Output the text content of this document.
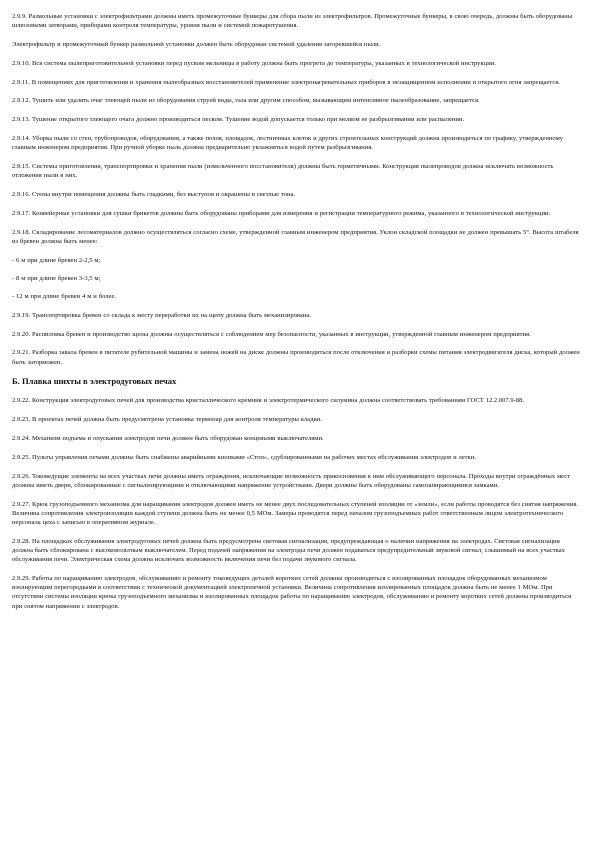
2.9.9. Размольные установки с электрофильтрами должны иметь промежуточные бункеры для сбора пыли из электрофильтров. Промежуточные бункеры, в свою очередь, должны быть оборудованы шлюзовыми затворами, приборами контроля температуры, уровня пыли и системой пожаротушения.

Электрофильтр и промежуточный бункер размольной установки должен быть оборудован системой удаления загоревшейся пыли.

2.9.10. Вся система пылеприготовительной установки перед пуском мельницы в работу должна быть прогрета до температуры, указанных в технологической инструкции.

2.9.11. В помещениях для приготовления и хранения пылеобразных восстановителей применение электронагревательных приборов в незащищенном исполнении и открытого огня запрещается.

2.9.12. Тушить или удалять очаг тлеющей пыли из оборудования струей воды, газа или другим способом, вызывающим интенсивное пылеобразование, запрещается.

2.9.13. Тушение открытого тлеющего очага должно производиться песком. Тушение водой допускается только при мелком ее разбрызгивании или распылении.

2.9.14. Уборка пыли со стен, трубопроводов, оборудования, а также полов, площадок, лестничных клеток и других строительных конструкций должна производиться по графику, утвержденному главным инженером предприятия. При ручной уборке пыль должна предварительно увлажняться водой путем разбрызгивания.

2.9.15. Системы приготовления, транспортировки и хранения пыли (измельченного восстановителя) должны быть герметичными. Конструкция пылепроводов должна исключать возможность отложения пыли в них.

2.9.16. Стены внутри помещения должны быть гладкими, без выступов и окрашены в светлые тона.

2.9.17. Конвейерные установки для сушки брикетов должны быть оборудованы приборами для измерения и регистрации температурного режима, указанного в технологической инструкции.

2.9.18. Складирование лесоматериалов должно осуществляться согласно схеме, утвержденной главным инженером предприятия. Уклон складской площадки не должен превышать 5°. Высота штабеля из бревен должна быть менее:

- 6 м при длине бревен 2-2,5 м;

- 8 м при длине бревен 3-3,5 м;

- 12 м при длине бревен 4 м и более.

2.9.19. Транспортировка бревен со склада к месту переработки их на щепу должна быть механизирована.

2.9.20. Распиловка бревен и производство щепы должны осуществляться с соблюдением мер безопасности, указанных в инструкции, утвержденной главным инженером предприятия.

2.9.21. Разборка завала бревен в питателе рубительной машины и замена ножей на диске должны производиться после отключения и разборки схемы питания электродвигателя диска, который должен быть заторможен.

Б. Плавка шихты в электродуговых печах

2.9.22. Конструкция электродуговых печей для производства кристаллического кремния и электротермического силумина должна соответствовать требованиям ГОСТ 12.2.007.9-88.

2.9.23. В проектах печей должна быть предусмотрена установка термопар для контроля температуры кладки.

2.9.24. Механизм подъема и опускания электродов печи должен быть оборудован концевыми выключателями.

2.9.25. Пульты управления печами должны быть снабжены аварийными кнопками «Стоп», сдублированными на рабочих местах обслуживания электродов и летки.

2.9.26. Токоведущие элементы на всех участках печи должны иметь ограждения, исключающие возможность прикосновения к ним обслуживающего персонала. Проходы внутри ограждённых мест должны иметь двери, сблокированные с сигнализирующими и отключающими напряжение устройствами. Двери должны быть оборудованы самозапирающимися замками.

2.9.27. Крюк грузоподъемного механизма для наращивания электродов должен иметь не менее двух последовательных ступеней изоляции от «земли», если работы проводятся без снятия напряжения. Величина сопротивления электроизоляции каждой ступени должна быть не менее 0,5 МОм. Замеры проводятся перед началом грузоподъемных работ ответственным лицом электротехнического персонала цеха с записью в оперативном журнале.

2.9.28. На площадках обслуживания электродуговых печей должна быть предусмотрена световая сигнализация, предупреждающая о наличии напряжения на электродах. Световая сигнализация должна быть сблокирована с высоковольтным выключателем. Перед подачей напряжения на электроды печи должен подаваться предупредительный звуковой сигнал, слышимый на всех участках обслуживания печи. Электрическая схема должна исключать возможность включения печи без подачи звукового сигнала.

2.9.29. Работы по наращиванию электродов, обслуживанию и ремонту токоведущих деталей коротких сетей должны производиться с изолированных площадок оборудованных механизмом изолирующим перегородками в соответствии с технической документацией электропечной установки. Величина сопротивления изолированных площадок должна быть не менее 1 МОм. При отсутствии системы изоляции крюка грузоподъемного механизма и изолированных площадок работы по наращиванию электродов, обслуживанию и ремонту коротких сетей должны производиться при снятом напряжении с электродов.
